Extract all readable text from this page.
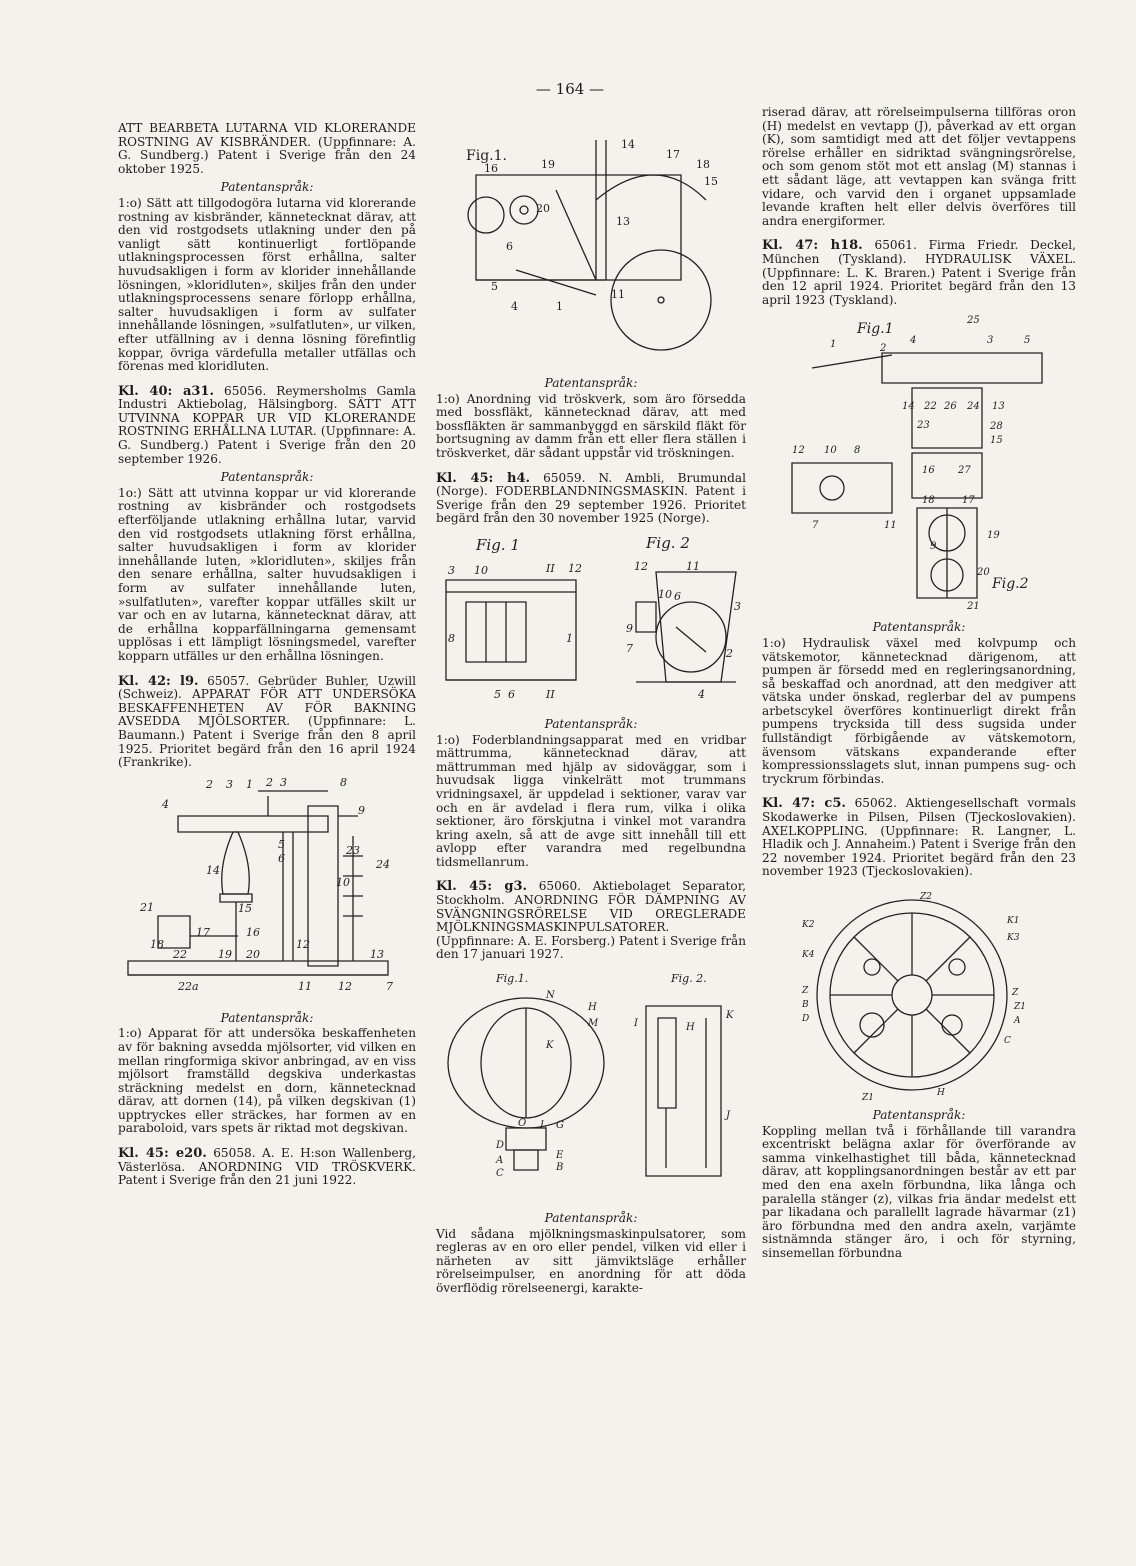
— 164 —

ATT BEARBETA LUTARNA VID KLORERANDE ROSTNING AV KISBRÄNDER. (Uppfinnare: A. G. Sundberg.) Patent i Sverige från den 24 oktober 1925.

Patentanspråk:

1:o) Sätt att tillgodogöra lutarna vid klorerande rostning av kisbränder, kännetecknat därav, att den vid rostgodsets utlakning under den på vanligt sätt kontinuerligt fortlöpande utlakningsprocessen först erhållna, salter huvudsakligen i form av klorider innehållande lösningen, »kloridluten», skiljes från den under utlakningsprocessens senare förlopp erhållna, salter huvudsakligen i form av sulfater innehållande lösningen, »sulfatluten», ur vilken, efter utfällning av i denna lösning förefintlig koppar, övriga värdefulla metaller utfällas och förenas med kloridluten.

Kl. 40: a31. 65056. Reymersholms Gamla Industri Aktiebolag, Hälsingborg. SÄTT ATT UTVINNA KOPPAR UR VID KLORERANDE ROSTNING ERHÅLLNA LUTAR. (Uppfinnare: A. G. Sundberg.) Patent i Sverige från den 20 september 1926.

Patentanspråk:

1o:) Sätt att utvinna koppar ur vid klorerande rostning av kisbränder och rostgodsets efterföljande utlakning erhållna lutar, varvid den vid rostgodsets utlakning först erhållna, salter huvudsakligen i form av klorider innehållande luten, »kloridluten», skiljes från den senare erhållna, salter huvudsakligen i form av sulfater innehållande luten, »sulfatluten», varefter koppar utfälles skilt ur var och en av lutarna, kännetecknat därav, att de erhållna kopparfällningarna gemensamt upplösas i ett lämpligt lösningsmedel, varefter kopparn utfälles ur den erhållna lösningen.

Kl. 42: l9. 65057. Gebrüder Buhler, Uzwill (Schweiz). APPARAT FÖR ATT UNDERSÖKA BESKAFFENHETEN AV FÖR BAKNING AVSEDDA MJÖLSORTER. (Uppfinnare: L. Baumann.) Patent i Sverige från den 8 april 1925. Prioritet begärd från den 16 april 1924 (Frankrike).

2 3 1 2 3	8
4	9
5
6
23
24
14
10
21	15
16
17
18	12
22	19 20	13
11 12
22a	7

Patentanspråk:

1:o) Apparat för att undersöka beskaffenheten av för bakning avsedda mjölsorter, vid vilken en mellan ringformiga skivor anbringad, av en viss mjölsort framställd degskiva underkastas sträckning medelst en dorn, kännetecknad därav, att dornen (14), på vilken degskivan (1) upptryckes eller sträckes, har formen av en paraboloid, vars spets är riktad mot degskivan.

Kl. 45: e20. 65058. A. E. H:son Wallenberg, Västerlösa. ANORDNING VID TRÖSKVERK. Patent i Sverige från den 21 juni 1922.

Fig.1.
14
17
18
16	19
15
20
13
6
5
4
11
1

Patentanspråk:

1:o) Anordning vid tröskverk, som äro försedda med bossfläkt, kännetecknad därav, att med bossfläkten är sammanbyggd en särskild fläkt för bortsugning av damm från ett eller flera ställen i tröskverket, där sådant uppstår vid tröskningen.

Kl. 45: h4. 65059. N. Ambli, Brumundal (Norge). FODERBLANDNINGSMASKIN. Patent i Sverige från den 29 september 1926. Prioritet begärd från den 30 november 1925 (Norge).

Fig. 1	Fig. 2
3 10	II 12	12	11
8	1
5 6	II
7
9
3
10 6
4
2

Patentanspråk:

1:o) Foderblandningsapparat med en vridbar mättrumma, kännetecknad därav, att mättrumman med hjälp av sidoväggar, som i huvudsak ligga vinkelrätt mot trummans vridningsaxel, är uppdelad i sektioner, varav var och en är avdelad i flera rum, vilka i olika sektioner, äro förskjutna i vinkel mot varandra kring axeln, så att de avge sitt innehåll till ett avlopp efter varandra med regelbundna tidsmellanrum.

Kl. 45: g3. 65060. Aktiebolaget Separator, Stockholm. ANORDNING FÖR DÄMPNING AV SVÄNGNINGSRÖRELSE VID OREGLERADE MJÖLKNINGSMASKINPULSATORER. (Uppfinnare: A. E. Forsberg.) Patent i Sverige från den 17 januari 1927.

Fig.1.	Fig. 2.
N
H
M
K
L
O	G
D
A	E
B
C
I	H
K
J

Patentanspråk:

Vid sådana mjölkningsmaskinpulsatorer, som regleras av en oro eller pendel, vilken vid eller i närheten av sitt jämviktsläge erhåller rörelseimpulser, en anordning för att döda överflödig rörelseenergi, karakte-

riserad därav, att rörelseimpulserna tillföras oron (H) medelst en vevtapp (J), påverkad av ett organ (K), som samtidigt med att det följer vevtappens rörelse erhåller en sidriktad svängningsrörelse, och som genom stöt mot ett anslag (M) stannas i ett sådant läge, att vevtappen kan svänga fritt vidare, och varvid den i organet uppsamlade levande kraften helt eller delvis överföres till andra energiformer.

Kl. 47: h18. 65061. Firma Friedr. Deckel, München (Tyskland). HYDRAULISK VÄXEL. (Uppfinnare: L. K. Braren.) Patent i Sverige från den 12 april 1924. Prioritet begärd från den 13 april 1923 (Tyskland).

Fig.1
Fig.2
25
1	2
4	3	5
14 22 26 24 13
23	28
15
12 10 8
16 27
7	11
9
18	17
19
20
21

Patentanspråk:

1:o) Hydraulisk växel med kolvpump och vätskemotor, kännetecknad därigenom, att pumpen är försedd med en regleringsanordning, så beskaffad och anordnad, att den medgiver att vätska under önskad, reglerbar del av pumpens arbetscykel överföres kontinuerligt direkt från pumpens trycksida till dess sugsida under fullständigt förbigående av vätskemotorn, ävensom vätskans expanderande efter kompressionsslagets slut, innan pumpens sug- och tryckrum förbindas.

Kl. 47: c5. 65062. Aktiengesellschaft vormals Skodawerke in Pilsen, Pilsen (Tjeckoslovakien). AXELKOPPLING. (Uppfinnare: R. Langner, L. Hladik och J. Annaheim.) Patent i Sverige från den 22 november 1924. Prioritet begärd från den 23 november 1923 (Tjeckoslovakien).

Z2
K1
K2
K3
K4
Z
B
D
Z
Z1
C
A
H
Z1

Patentanspråk:

Koppling mellan två i förhållande till varandra excentriskt belägna axlar för överförande av samma vinkelhastighet till båda, kännetecknad därav, att kopplingsanordningen består av ett par med den ena axeln förbundna, lika långa och paralella stänger (z), vilkas fria ändar medelst ett par likadana och parallellt lagrade hävarmar (z1) äro förbundna med den andra axeln, varjämte sistnämnda stänger äro, i och för styrning, sinsemellan förbundna
